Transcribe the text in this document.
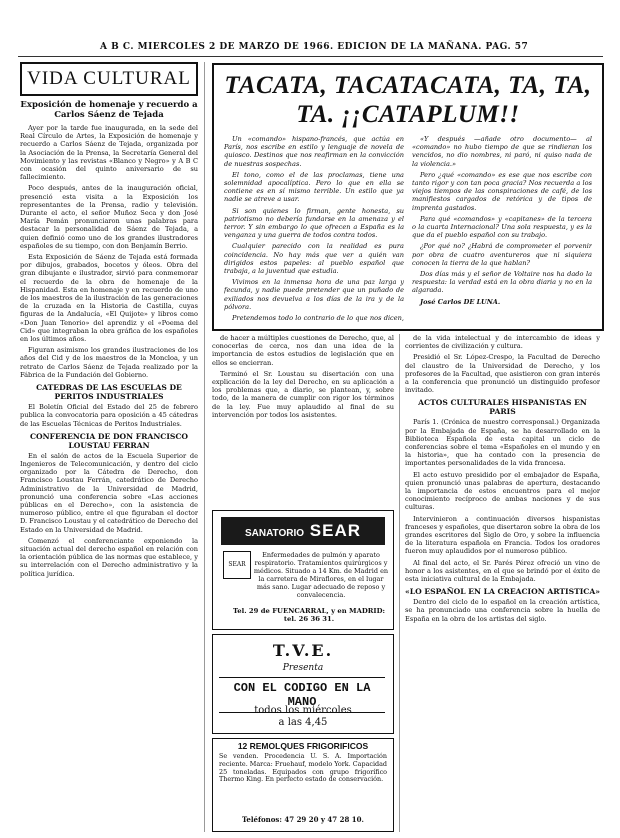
A B C. MIERCOLES 2 DE MARZO DE 1966. EDICION DE LA MAÑANA. PAG. 57
VIDA CULTURAL
Exposición de homenaje y recuerdo a Carlos Sáenz de Tejada

Ayer por la tarde fue inaugurada, en la sede del Real Círculo de Artes, la Exposición de homenaje y recuerdo a Carlos Sáenz de Tejada, organizada por la Asociación de la Prensa, la Secretaría General del Movimiento y las revistas «Blanco y Negro» y A B C con ocasión del quinto aniversario de su fallecimiento.

Poco después, antes de la inauguración oficial, presenció esta visita a la Exposición los representantes de la Prensa, radio y televisión. Durante el acto, el señor Muñoz Seca y don José María Pemán pronunciaron unas palabras para destacar la personalidad de Sáenz de Tejada, a quien definió como uno de los grandes ilustradores españoles de su tiempo, con don Benjamín Berrio.

Esta Exposición de Sáenz de Tejada está formada por dibujos, grabados, bocetos y óleos. Obra del gran dibujante e ilustrador, sirvió para conmemorar el recuerdo de la obra de homenaje de la Hispanidad. Esta en homenaje y en recuerdo de uno de los maestros de la ilustración de las generaciones de la cruzada en la Historia de Castilla, cuyas figuras de la Andalucía, «El Quijote» y libros como «Don Juan Tenorio» del aprendiz y el «Poema del Cid» que integraban la obra gráfica de los españoles en los últimos años.

Figuran asimismo los grandes ilustraciones de los años del Cid y de los maestros de la Moncloa, y un retrato de Carlos Sáenz de Tejada realizado por la Fábrica de la Fundación del Gobierno.

CATEDRAS DE LAS ESCUELAS DE PERITOS INDUSTRIALES

El Boletín Oficial del Estado del 25 de febrero publica la convocatoria para oposición a 45 cátedras de las Escuelas Técnicas de Peritos Industriales.

CONFERENCIA DE DON FRANCISCO LOUSTAU FERRAN

En el salón de actos de la Escuela Superior de Ingenieros de Telecomunicación, y dentro del ciclo organizado por la Cátedra de Derecho, don Francisco Loustau Ferrán, catedrático de Derecho Administrativo de la Universidad de Madrid, pronunció una conferencia sobre «Las acciones públicas en el Derecho», con la asistencia de numeroso público, entre el que figuraban el doctor D. Francisco Loustau y el catedrático de Derecho del Estado en la Universidad de Madrid.

Comenzó el conferenciante exponiendo la situación actual del derecho español en relación con la orientación pública de las normas que establece, y su interrelación con el Derecho administrativo y la política jurídica.

TACATA, TACATACATA, TA, TA, TA. ¡¡CATAPLUM!!

Un «comando» hispano-francés, que actúa en París, nos escribe en estilo y lenguaje de novela de quiosco. Destinos que nos reafirman en la convicción de nuestras sospechas.

El tono, como el de las proclamas, tiene una solemnidad apocalíptica. Pero lo que en ella se contiene es en sí mismo terrible. Un estilo que ya nadie se atreve a usar.

Si son quienes lo firman, gente honesta, su patriotismo no debería fundarse en la amenaza y el terror. Y sin embargo lo que ofrecen a España es la venganza y una guerra de todos contra todos.

Cualquier parecido con la realidad es pura coincidencia. No hay más que ver a quién van dirigidos estos papeles: al pueblo español que trabaja, a la juventud que estudia.

Vivimos en la inmensa hora de una paz larga y fecunda, y nadie puede pretender que un puñado de exiliados nos devuelva a los días de la ira y de la pólvora.

Pretendemos todo lo contrario de lo que nos dicen,

«Y después —añade otro documento— al «comando» no hubo tiempo de que se rindieran los vencidos, no dio nombres, ni paró, ni quiso nada de la violencia.»

Pero ¿qué «comando» es ese que nos escribe con tanto rigor y con tan poca gracia? Nos recuerda a los viejos tiempos de las conspiraciones de café, de los manifiestos cargados de retórica y de tipos de imprenta gastados.

Para qué «comandos» y «capitanes» de la tercera o la cuarta Internacional? Una sola respuesta, y es la que da el pueblo español con su trabajo.

¿Por qué no? ¿Habrá de comprometer el porvenir por obra de cuatro aventureros que ni siquiera conocen la tierra de la que hablan?

Dos días más y el señor de Voltaire nos ha dado la respuesta: la verdad está en la obra diaria y no en la algarada.

José Carlos DE LUNA.

de hacer a múltiples cuestiones de Derecho, que, al conocerlas de cerca, nos dan una idea de la importancia de estos estudios de legislación que en ellos se encierran.

Terminó el Sr. Loustau su disertación con una explicación de la ley del Derecho, en su aplicación a los problemas que, a diario, se plantean, y, sobre todo, de la manera de cumplir con rigor los términos de la ley. Fue muy aplaudido al final de su intervención por todos los asistentes.

SANATORIO SEAR
SEAR
Enfermedades de pulmón y aparato respiratorio. Tratamientos quirúrgicos y médicos. Situado a 14 Km. de Madrid en la carretera de Miraflores, en el lugar más sano. Lugar adecuado de reposo y convalecencia.
Tel. 29 de FUENCARRAL, y en MADRID: tel. 26 36 31.
T.V.E.
Presenta
CON EL CODIGO EN LA MANO
todos los miércoles
a las 4,45
12 REMOLQUES FRIGORIFICOS
Se venden. Procedencia U. S. A. Importación reciente. Marca: Fruehauf, modelo York. Capacidad 25 toneladas. Equipados con grupo frigorífico Thermo King. En perfecto estado de conservación.
Teléfonos: 47 29 20 y 47 28 10.

de la vida intelectual y de intercambio de ideas y corrientes de civilización y cultura.

Presidió el Sr. López-Crespo, la Facultad de Derecho del claustro de la Universidad de Derecho, y los profesores de la Facultad, que asistieron con gran interés a la conferencia que pronunció un distinguido profesor invitado.

ACTOS CULTURALES HISPANISTAS EN PARIS

París 1. (Crónica de nuestro corresponsal.) Organizada por la Embajada de España, se ha desarrollado en la Biblioteca Española de esta capital un ciclo de conferencias sobre el tema «Españoles en el mundo y en la historia», que ha contado con la presencia de importantes personalidades de la vida francesa.

El acto estuvo presidido por el embajador de España, quien pronunció unas palabras de apertura, destacando la importancia de estos encuentros para el mejor conocimiento recíproco de ambas naciones y de sus culturas.

Intervinieron a continuación diversos hispanistas franceses y españoles, que disertaron sobre la obra de los grandes escritores del Siglo de Oro, y sobre la influencia de la literatura española en Francia. Todos los oradores fueron muy aplaudidos por el numeroso público.

Al final del acto, el Sr. Parés Pérez ofreció un vino de honor a los asistentes, en el que se brindó por el éxito de esta iniciativa cultural de la Embajada.

«LO ESPAÑOL EN LA CREACION ARTISTICA»

Dentro del ciclo de lo español en la creación artística, se ha pronunciado una conferencia sobre la huella de España en la obra de los artistas del siglo.
